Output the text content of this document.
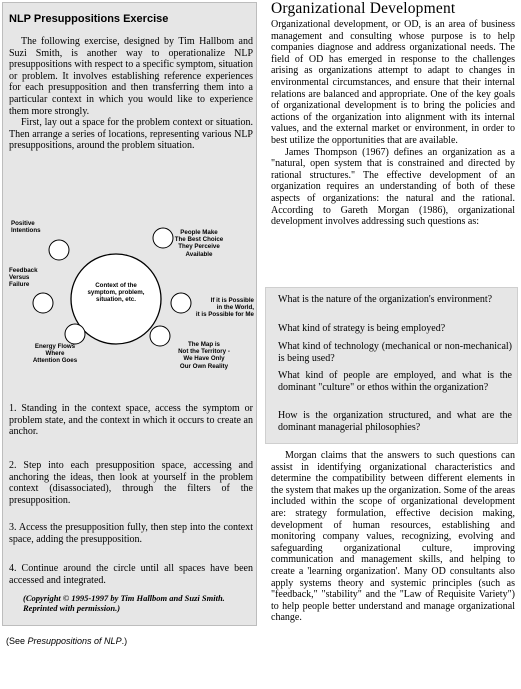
NLP Presuppositions Exercise

The following exercise, designed by Tim Hallbom and Suzi Smith, is another way to operationalize NLP presuppositions with respect to a specific symptom, situation or problem. It involves establishing reference experiences for each presupposition and then transferring them into a particular context in which you would like to experience them more strongly.

First, lay out a space for the problem context or situation. Then arrange a series of locations, representing various NLP presuppositions, around the problem situation.

Context of the
symptom, problem,
situation, etc.
Positive
Intentions	People Make
The Best Choice
They Perceive
Available
Feedback
Versus
Failure
If it is Possible
in the World,
it is Possible for Me
Energy Flows
Where
Attention Goes
The Map is
Not the Territory -
We Have Only
Our Own Reality
1. Standing in the context space, access the symptom or problem state, and the context in which it occurs to create an anchor.
2. Step into each presupposition space, accessing and anchoring the ideas, then look at yourself in the problem context (disassociated), through the filters of the presupposition.
3. Access the presupposition fully, then step into the context space, adding the presupposition.
4. Continue around the circle until all spaces have been accessed and integrated.
(Copyright © 1995-1997 by Tim Hallbom and Suzi Smith. Reprinted with permission.)
(See Presuppositions of NLP.)
Organizational Development

Organizational development, or OD, is an area of business management and consulting whose purpose is to help companies diagnose and address organizational needs. The field of OD has emerged in response to the challenges arising as organizations attempt to adapt to changes in environmental circumstances, and ensure that their internal relations are balanced and appropriate. One of the key goals of organizational development is to bring the policies and actions of the organization into alignment with its internal values, and the external market or environment, in order to best utilize the opportunities that are available.

James Thompson (1967) defines an organization as a "natural, open system that is constrained and directed by rational structures." The effective development of an organization requires an understanding of both of these aspects of organizations: the natural and the rational. According to Gareth Morgan (1986), organizational development involves addressing such questions as:

What is the nature of the organization's environment?
What kind of strategy is being employed?
What kind of technology (mechanical or non-mechanical) is being used?
What kind of people are employed, and what is the dominant "culture" or ethos within the organization?
How is the organization structured, and what are the dominant managerial philosophies?

Morgan claims that the answers to such questions can assist in identifying organizational characteristics and determine the compatibility between different elements in the system that makes up the organization. Some of the areas included within the scope of organizational development are: strategy formulation, effective decision making, development of human resources, establishing and monitoring company values, recognizing, evolving and safeguarding organizational culture, improving communication and management skills, and helping to create a 'learning organization'. Many OD consultants also apply systems theory and systemic principles (such as "feedback," "stability" and the "Law of Requisite Variety") to help people better understand and manage organizational change.
